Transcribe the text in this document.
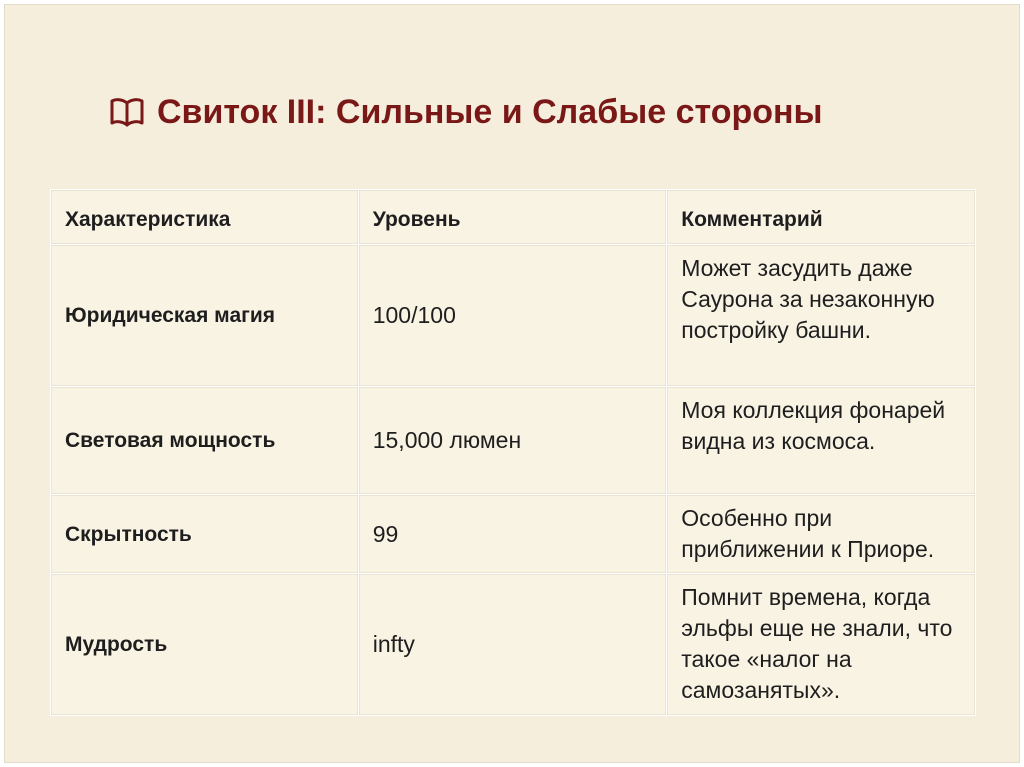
Свиток III: Сильные и Слабые стороны
Характеристика	Уровень	Комментарий
Юридическая магия	100/100	Может засудить даже Саурона за незаконную постройку башни.
Световая мощность	15,000 люмен	Моя коллекция фонарей видна из космоса.
Скрытность	99	Особенно при приближении к Приоре.
Мудрость	infty	Помнит времена, когда эльфы еще не знали, что такое «налог на самозанятых».
